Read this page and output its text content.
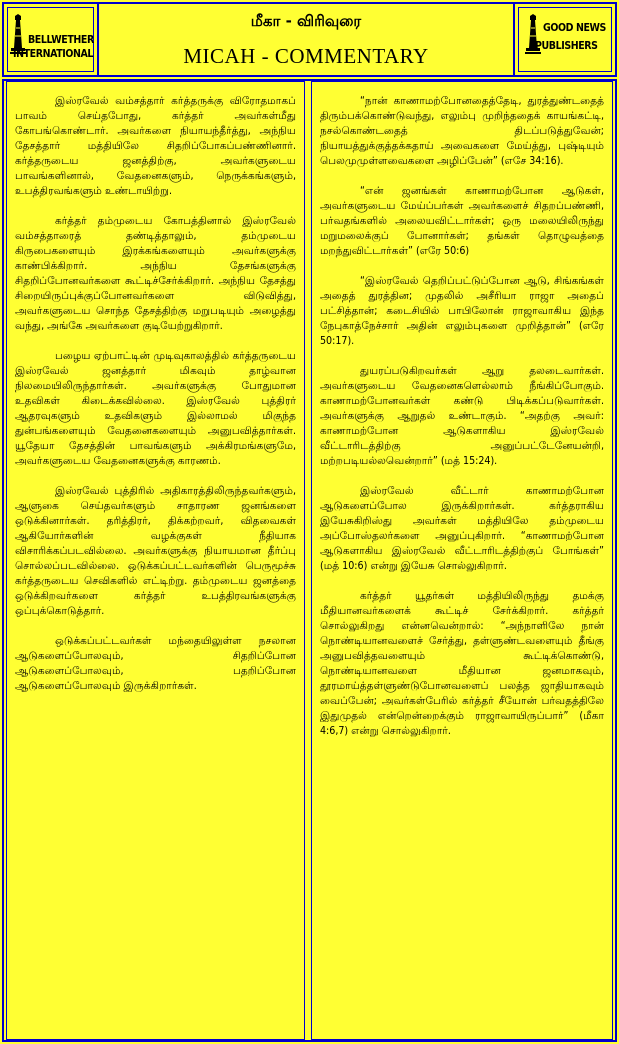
BELLWETHER
INTERNATIONAL
மீகா - விரிவுரை
MICAH - COMMENTARY
GOOD NEWS
PUBLISHERS

இஸ்ரவேல் வம்சத்தார் கர்த்தருக்கு விரோதமாகப் பாவம் செய்தபோது, கர்த்தர் அவர்கள்மீது கோபங்கொண்டார். அவர்களை நியாயந்தீர்த்து, அந்நிய தேசத்தார் மத்தியிலே சிதறிப்போகப்பண்ணினார். கர்த்தருடைய ஜனத்திற்கு, அவர்களுடைய பாவங்களினால், வேதனைகளும், நெருக்கங்களும், உபத்திரவங்களும் உண்டாயிற்று.

கர்த்தர் தம்முடைய கோபத்தினால் இஸ்ரவேல் வம்சத்தாரைத் தண்டித்தாலும், தம்முடைய கிருபைகளையும் இரக்கங்களையும் அவர்களுக்கு காண்பிக்கிறார். அந்நிய தேசங்களுக்கு சிதறிப்போனவர்களை கூட்டிச்சேர்க்கிறார். அந்நிய தேசத்து சிறையிருப்புக்குப்போனவர்களை விடுவித்து, அவர்களுடைய சொந்த தேசத்திற்கு மறுபடியும் அழைத்து வந்து, அங்கே அவர்களை குடியேற்றுகிறார்.

பழைய ஏற்பாட்டின் முடிவுகாலத்தில் கர்த்தருடைய இஸ்ரவேல் ஜனத்தார் மிகவும் தாழ்வான நிலமையிலிருந்தார்கள். அவர்களுக்கு போதுமான உதவிகள் கிடைக்கவில்லை. இஸ்ரவேல் புத்திரர் ஆதரவுகளும் உதவிகளும் இல்லாமல் மிகுந்த துன்பங்களையும் வேதனைகளையும் அனுபவித்தார்கள். யூதேயா தேசத்தின் பாவங்களும் அக்கிரமங்களுமே, அவர்களுடைய வேதனைகளுக்கு காரணம்.

இஸ்ரவேல் புத்திரில் அதிகாரத்திலிருந்தவர்களும், ஆளுகை செய்தவர்களும் சாதாரண ஜனங்களை ஒடுக்கினார்கள். தரித்திரர், திக்கற்றவர், விதவைகள் ஆகியோர்களின் வழக்குகள் நீதியாக விசாரிக்கப்படவில்லை. அவர்களுக்கு நியாயமான தீர்ப்பு சொல்லப்படவில்லை. ஒடுக்கப்பட்டவர்களின் பெருமூச்சு கர்த்தருடைய செவிகளில் எட்டிற்று. தம்முடைய ஜனத்தை ஒடுக்கிறவர்களை கர்த்தர் உபத்திரவங்களுக்கு ஒப்புக்கொடுத்தார்.

ஒடுக்கப்பட்டவர்கள் மந்தையிலுள்ள நசலான ஆடுகளைப்போலவும், சிதறிப்போன ஆடுகளைப்போலவும், பதறிப்போன ஆடுகளைப்போலவும் இருக்கிறார்கள்.

“நான் காணாமற்போனதைத்தேடி, துரத்துண்டதைத் திரும்பக்கொண்டுவந்து, எலும்பு முறிந்ததைக் காயங்கட்டி, நசல்கொண்டதைத் திடப்படுத்துவேன்; நியாயத்துக்குத்தக்கதாய் அவைகளை மேய்த்து, புஷ்டியும் பெலமுமுள்ளவைகளை அழிப்பேன்” (எசே 34:16).

“என் ஜனங்கள் காணாமற்போன ஆடுகள், அவர்களுடைய மேய்ப்பர்கள் அவர்களைச் சிதறப்பண்ணி, பர்வதங்களில் அலையவிட்டார்கள்; ஒரு மலையிலிருந்து மறுமலைக்குப் போனார்கள்; தங்கள் தொழுவத்தை மறந்துவிட்டார்கள்” (எரே 50:6)

“இஸ்ரவேல் தெறிப்பட்டுப்போன ஆடு, சிங்கங்கள் அதைத் துரத்தின; முதலில் அசீரியா ராஜா அதைப் பட்சித்தான்; கடைசியில் பாபிலோன் ராஜாவாகிய இந்த நேபுகாத்நேச்சார் அதின் எலும்புகளை முறித்தான்” (எரே 50:17).

துயரப்படுகிறவர்கள் ஆறு தலடைவார்கள். அவர்களுடைய வேதனைகளெல்லாம் நீங்கிப்போகும். காணாமற்போனவர்கள் கண்டு பிடிக்கப்படுவார்கள். அவர்களுக்கு ஆறுதல் உண்டாகும். “அதற்கு அவர்: காணாமற்போன ஆடுகளாகிய இஸ்ரவேல் வீட்டாரிடத்திற்கு அனுப்பட்டேனேயன்றி, மற்றபடியல்லவென்றார்” (மத் 15:24).

இஸ்ரவேல் வீட்டார் காணாமற்போன ஆடுகளைப்போல இருக்கிறார்கள். கர்த்தராகிய இயேசுகிறிஸ்து அவர்கள் மத்தியிலே தம்முடைய அப்போஸ்தலர்களை அனுப்புகிறார். “காணாமற்போன ஆடுகளாகிய இஸ்ரவேல் வீட்டாரிடத்திற்குப் போங்கள்” (மத் 10:6) என்று இயேசு சொல்லுகிறார்.

கர்த்தர் யூதர்கள் மத்தியிலிருந்து தமக்கு மீதியானவர்களைக் கூட்டிச் சேர்க்கிறார். கர்த்தர் சொல்லுகிறது என்னவென்றால்: “அந்நாளிலே நான் நொண்டியானவளைச் சேர்த்து, தள்ளுண்டவளையும் தீங்கு அனுபவித்தவளையும் கூட்டிக்கொண்டு, நொண்டியானவளை மீதியான ஜனமாகவும், தூரமாய்த்தள்ளுண்டுபோனவளைப் பலத்த ஜாதியாகவும் வைப்பேன்; அவர்கள்பேரில் கர்த்தர் சீயோன் பர்வதத்திலே இதுமுதல் என்றென்றைக்கும் ராஜாவாயிருப்பார்” (மீகா 4:6,7) என்று சொல்லுகிறார்.
